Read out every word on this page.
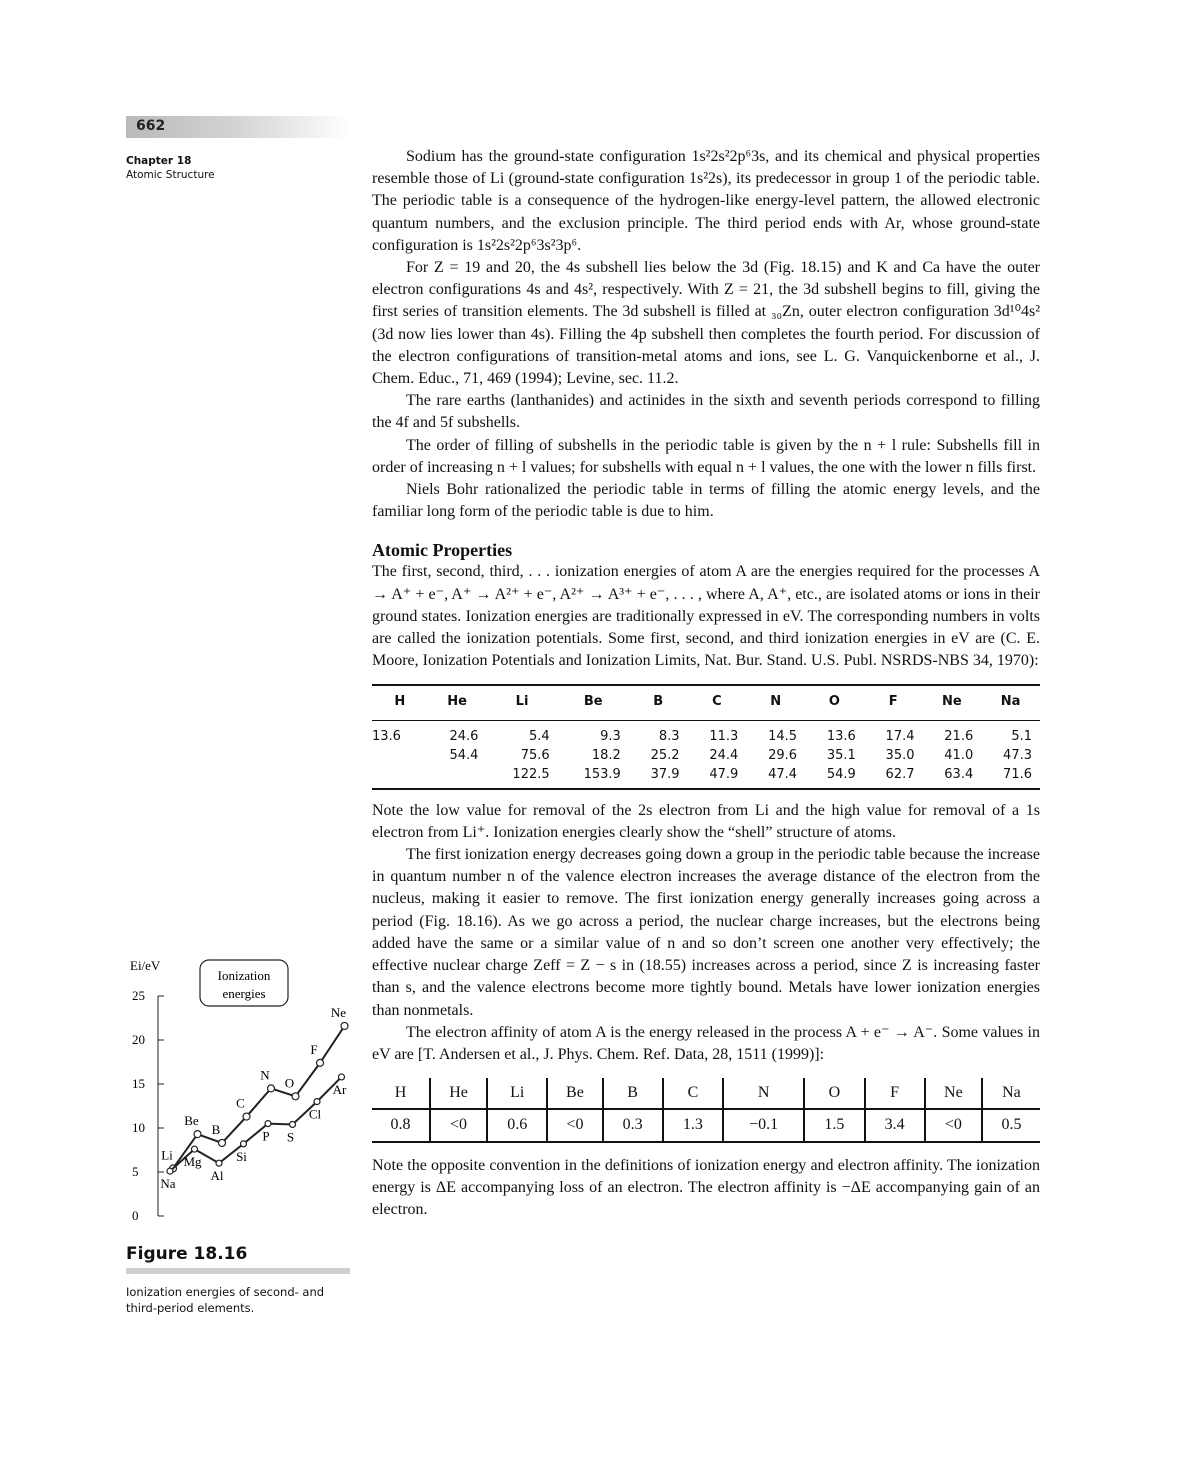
662
Chapter 18
Atomic Structure

Sodium has the ground-state configuration 1s²2s²2p⁶3s, and its chemical and physical properties resemble those of Li (ground-state configuration 1s²2s), its predecessor in group 1 of the periodic table. The periodic table is a consequence of the hydrogen-like energy-level pattern, the allowed electronic quantum numbers, and the exclusion principle. The third period ends with Ar, whose ground-state configuration is 1s²2s²2p⁶3s²3p⁶.

For Z = 19 and 20, the 4s subshell lies below the 3d (Fig. 18.15) and K and Ca have the outer electron configurations 4s and 4s², respectively. With Z = 21, the 3d subshell begins to fill, giving the first series of transition elements. The 3d subshell is filled at ₃₀Zn, outer electron configuration 3d¹⁰4s² (3d now lies lower than 4s). Filling the 4p subshell then completes the fourth period. For discussion of the electron configurations of transition-metal atoms and ions, see L. G. Vanquickenborne et al., J. Chem. Educ., 71, 469 (1994); Levine, sec. 11.2.

The rare earths (lanthanides) and actinides in the sixth and seventh periods correspond to filling the 4f and 5f subshells.

The order of filling of subshells in the periodic table is given by the n + l rule: Subshells fill in order of increasing n + l values; for subshells with equal n + l values, the one with the lower n fills first.

Niels Bohr rationalized the periodic table in terms of filling the atomic energy levels, and the familiar long form of the periodic table is due to him.

Atomic Properties

The first, second, third, . . . ionization energies of atom A are the energies required for the processes A → A⁺ + e⁻, A⁺ → A²⁺ + e⁻, A²⁺ → A³⁺ + e⁻, . . . , where A, A⁺, etc., are isolated atoms or ions in their ground states. Ionization energies are traditionally expressed in eV. The corresponding numbers in volts are called the ionization potentials. Some first, second, and third ionization energies in eV are (C. E. Moore, Ionization Potentials and Ionization Limits, Nat. Bur. Stand. U.S. Publ. NSRDS-NBS 34, 1970):

H	He	Li	Be	B	C	N	O	F	Ne	Na
13.6	24.6	5.4	9.3	8.3	11.3	14.5	13.6	17.4	21.6	5.1
	54.4	75.6	18.2	25.2	24.4	29.6	35.1	35.0	41.0	47.3
		122.5	153.9	37.9	47.9	47.4	54.9	62.7	63.4	71.6

Note the low value for removal of the 2s electron from Li and the high value for removal of a 1s electron from Li⁺. Ionization energies clearly show the “shell” structure of atoms.

The first ionization energy decreases going down a group in the periodic table because the increase in quantum number n of the valence electron increases the average distance of the electron from the nucleus, making it easier to remove. The first ionization energy generally increases going across a period (Fig. 18.16). As we go across a period, the nuclear charge increases, but the electrons being added have the same or a similar value of n and so don’t screen one another very effectively; the effective nuclear charge Zeff = Z − s in (18.55) increases across a period, since Z is increasing faster than s, and the valence electrons become more tightly bound. Metals have lower ionization energies than nonmetals.

The electron affinity of atom A is the energy released in the process A + e⁻ → A⁻. Some values in eV are [T. Andersen et al., J. Phys. Chem. Ref. Data, 28, 1511 (1999)]:

H	He	Li	Be	B	C	N	O	F	Ne	Na
0.8	<0	0.6	<0	0.3	1.3	−0.1	1.5	3.4	<0	0.5

Note the opposite convention in the definitions of ionization energy and electron affinity. The ionization energy is ΔE accompanying loss of an electron. The electron affinity is −ΔE accompanying gain of an electron.

Ei/eV
0
5
10
15
20
25
Ionization
energies
Li
Be
B
C
N
O
F
Ne
Na
Mg
Al
Si
P S
Cl
Ar
Figure 18.16
Ionization energies of second- and third-period elements.
